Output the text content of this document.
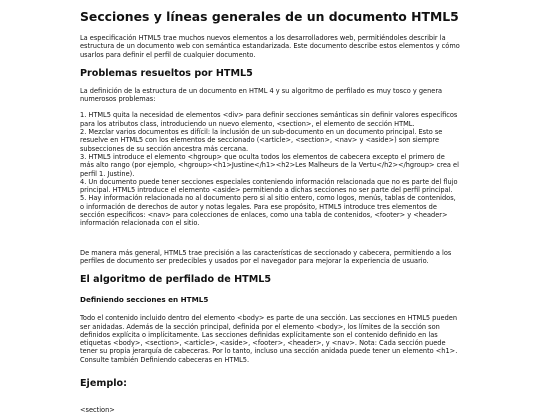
Secciones y líneas generales de un documento HTML5

La especificación HTML5 trae muchos nuevos elementos a los desarrolladores web, permitiéndoles describir la estructura de un documento web con semántica estandarizada. Este documento describe estos elementos y cómo usarlos para definir el perfil de cualquier documento.

Problemas resueltos por HTML5

La definición de la estructura de un documento en HTML 4 y su algoritmo de perfilado es muy tosco y genera numerosos problemas:

1. HTML5 quita la necesidad de elementos <div> para definir secciones semánticas sin definir valores específicos para los atributos class, introduciendo un nuevo elemento, <section>, el elemento de sección HTML.

2. Mezclar varios documentos es difícil: la inclusión de un sub-documento en un documento principal. Esto se resuelve en HTML5 con los elementos de seccionado (<article>, <section>, <nav> y <aside>) son siempre subsecciones de su sección ancestra más cercana.

3. HTML5 introduce el elemento <hgroup> que oculta todos los elementos de cabecera excepto el primero de más alto rango (por ejemplo, <hgroup><h1>Justine</h1><h2>Les Malheurs de la Vertu</h2></hgroup> crea el perfil 1. Justine).

4. Un documento puede tener secciones especiales conteniendo información relacionada que no es parte del flujo principal. HTML5 introduce el elemento <aside> permitiendo a dichas secciones no ser parte del perfil principal.

5. Hay información relacionada no al documento pero si al sitio entero, como logos, menús, tablas de contenidos, o información de derechos de autor y notas legales. Para ese propósito, HTML5 introduce tres elementos de sección específicos: <nav> para colecciones de enlaces, como una tabla de contenidos, <footer> y <header> información relacionada con el sitio.

De manera más general, HTML5 trae precisión a las características de seccionado y cabecera, permitiendo a los perfiles de documento ser predecibles y usados por el navegador para mejorar la experiencia de usuario.

El algoritmo de perfilado de HTML5
Definiendo secciones en HTML5

Todo el contenido incluido dentro del elemento <body> es parte de una sección. Las secciones en HTML5 pueden ser anidadas. Además de la sección principal, definida por el elemento <body>, los límites de la sección son definidos explícita o implícitamente. Las secciones definidas explícitamente son el contenido definido en las etiquetas <body>, <section>, <article>, <aside>, <footer>, <header>, y <nav>. Nota: Cada sección puede tener su propia jerarquía de cabeceras. Por lo tanto, incluso una sección anidada puede tener un elemento <h1>. Consulte también Definiendo cabeceras en HTML5.

Ejemplo:
<section>
